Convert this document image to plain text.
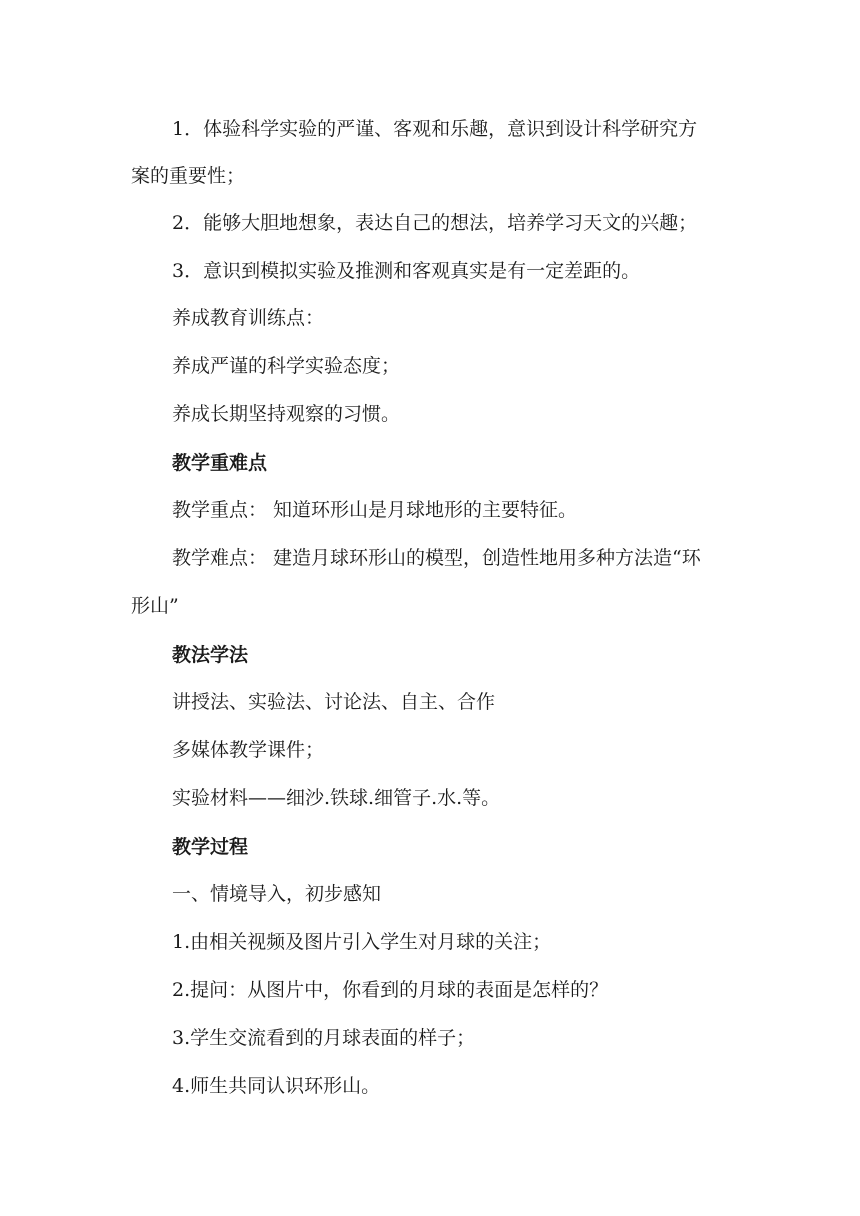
1．体验科学实验的严谨、客观和乐趣，意识到设计科学研究方
案的重要性；
2．能够大胆地想象，表达自己的想法，培养学习天文的兴趣；
3．意识到模拟实验及推测和客观真实是有一定差距的。
养成教育训练点：
养成严谨的科学实验态度；
养成长期坚持观察的习惯。
教学重难点
教学重点： 知道环形山是月球地形的主要特征。
教学难点： 建造月球环形山的模型，创造性地用多种方法造“环
形山”
教法学法
讲授法、实验法、讨论法、自主、合作
多媒体教学课件；
实验材料——细沙.铁球.细管子.水.等。
教学过程
一、情境导入，初步感知
1.由相关视频及图片引入学生对月球的关注；
2.提问：从图片中，你看到的月球的表面是怎样的？
3.学生交流看到的月球表面的样子；
4.师生共同认识环形山。
